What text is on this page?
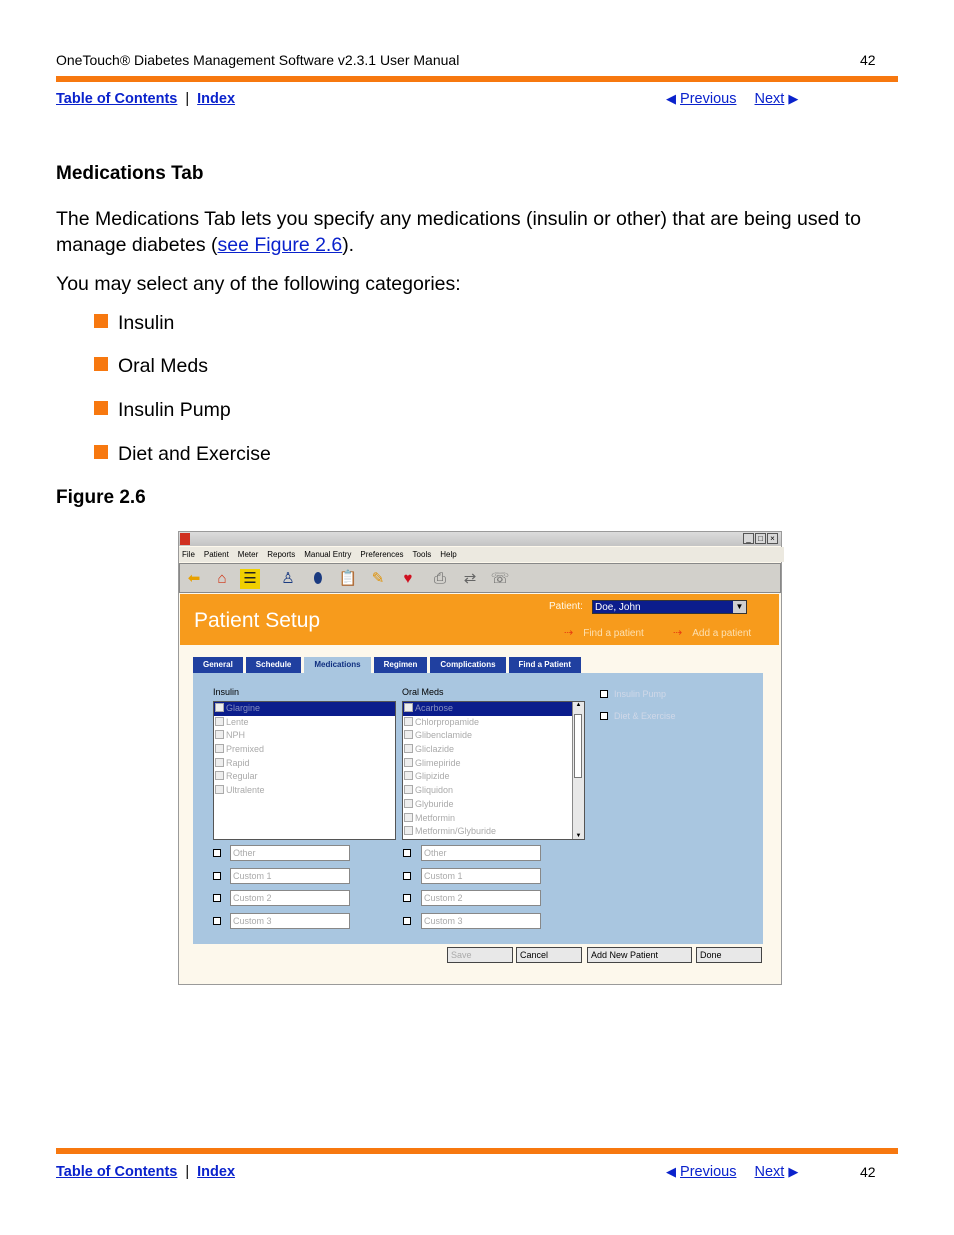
OneTouch® Diabetes Management Software v2.3.1 User Manual	42
Table of Contents | Index	◀ Previous Next ▶
Medications Tab
The Medications Tab lets you specify any medications (insulin or other) that are being used to manage diabetes (see Figure 2.6).
You may select any of the following categories:
Insulin
Oral Meds
Insulin Pump
Diet and Exercise
Figure 2.6
_ □ ×
File Patient Meter Reports Manual Entry Preferences Tools Help
⬅	⌂	☰ ♙	⬮	📋 ✎	♥	⎙ ⇄ ☏
Patient Setup
Patient:	Doe, John	▼
⇢ Find a patient	⇢ Add a patient
General	Schedule	Medications	Regimen	Complications	Find a Patient
Insulin
Glargine
Lente
NPH
Premixed
Rapid
Regular
Ultralente
Oral Meds
Acarbose
Chlorpropamide
Glibenclamide
Gliclazide
Glimepiride
Glipizide
Gliquidon
Glyburide
Metformin
Metformin/Glyburide
▲
▼
Insulin Pump
Diet & Exercise
Other
Custom 1
Custom 2
Custom 3
Other
Custom 1
Custom 2
Custom 3
Save	Cancel	Add New Patient	Done
Table of Contents | Index	◀ Previous Next ▶	42
